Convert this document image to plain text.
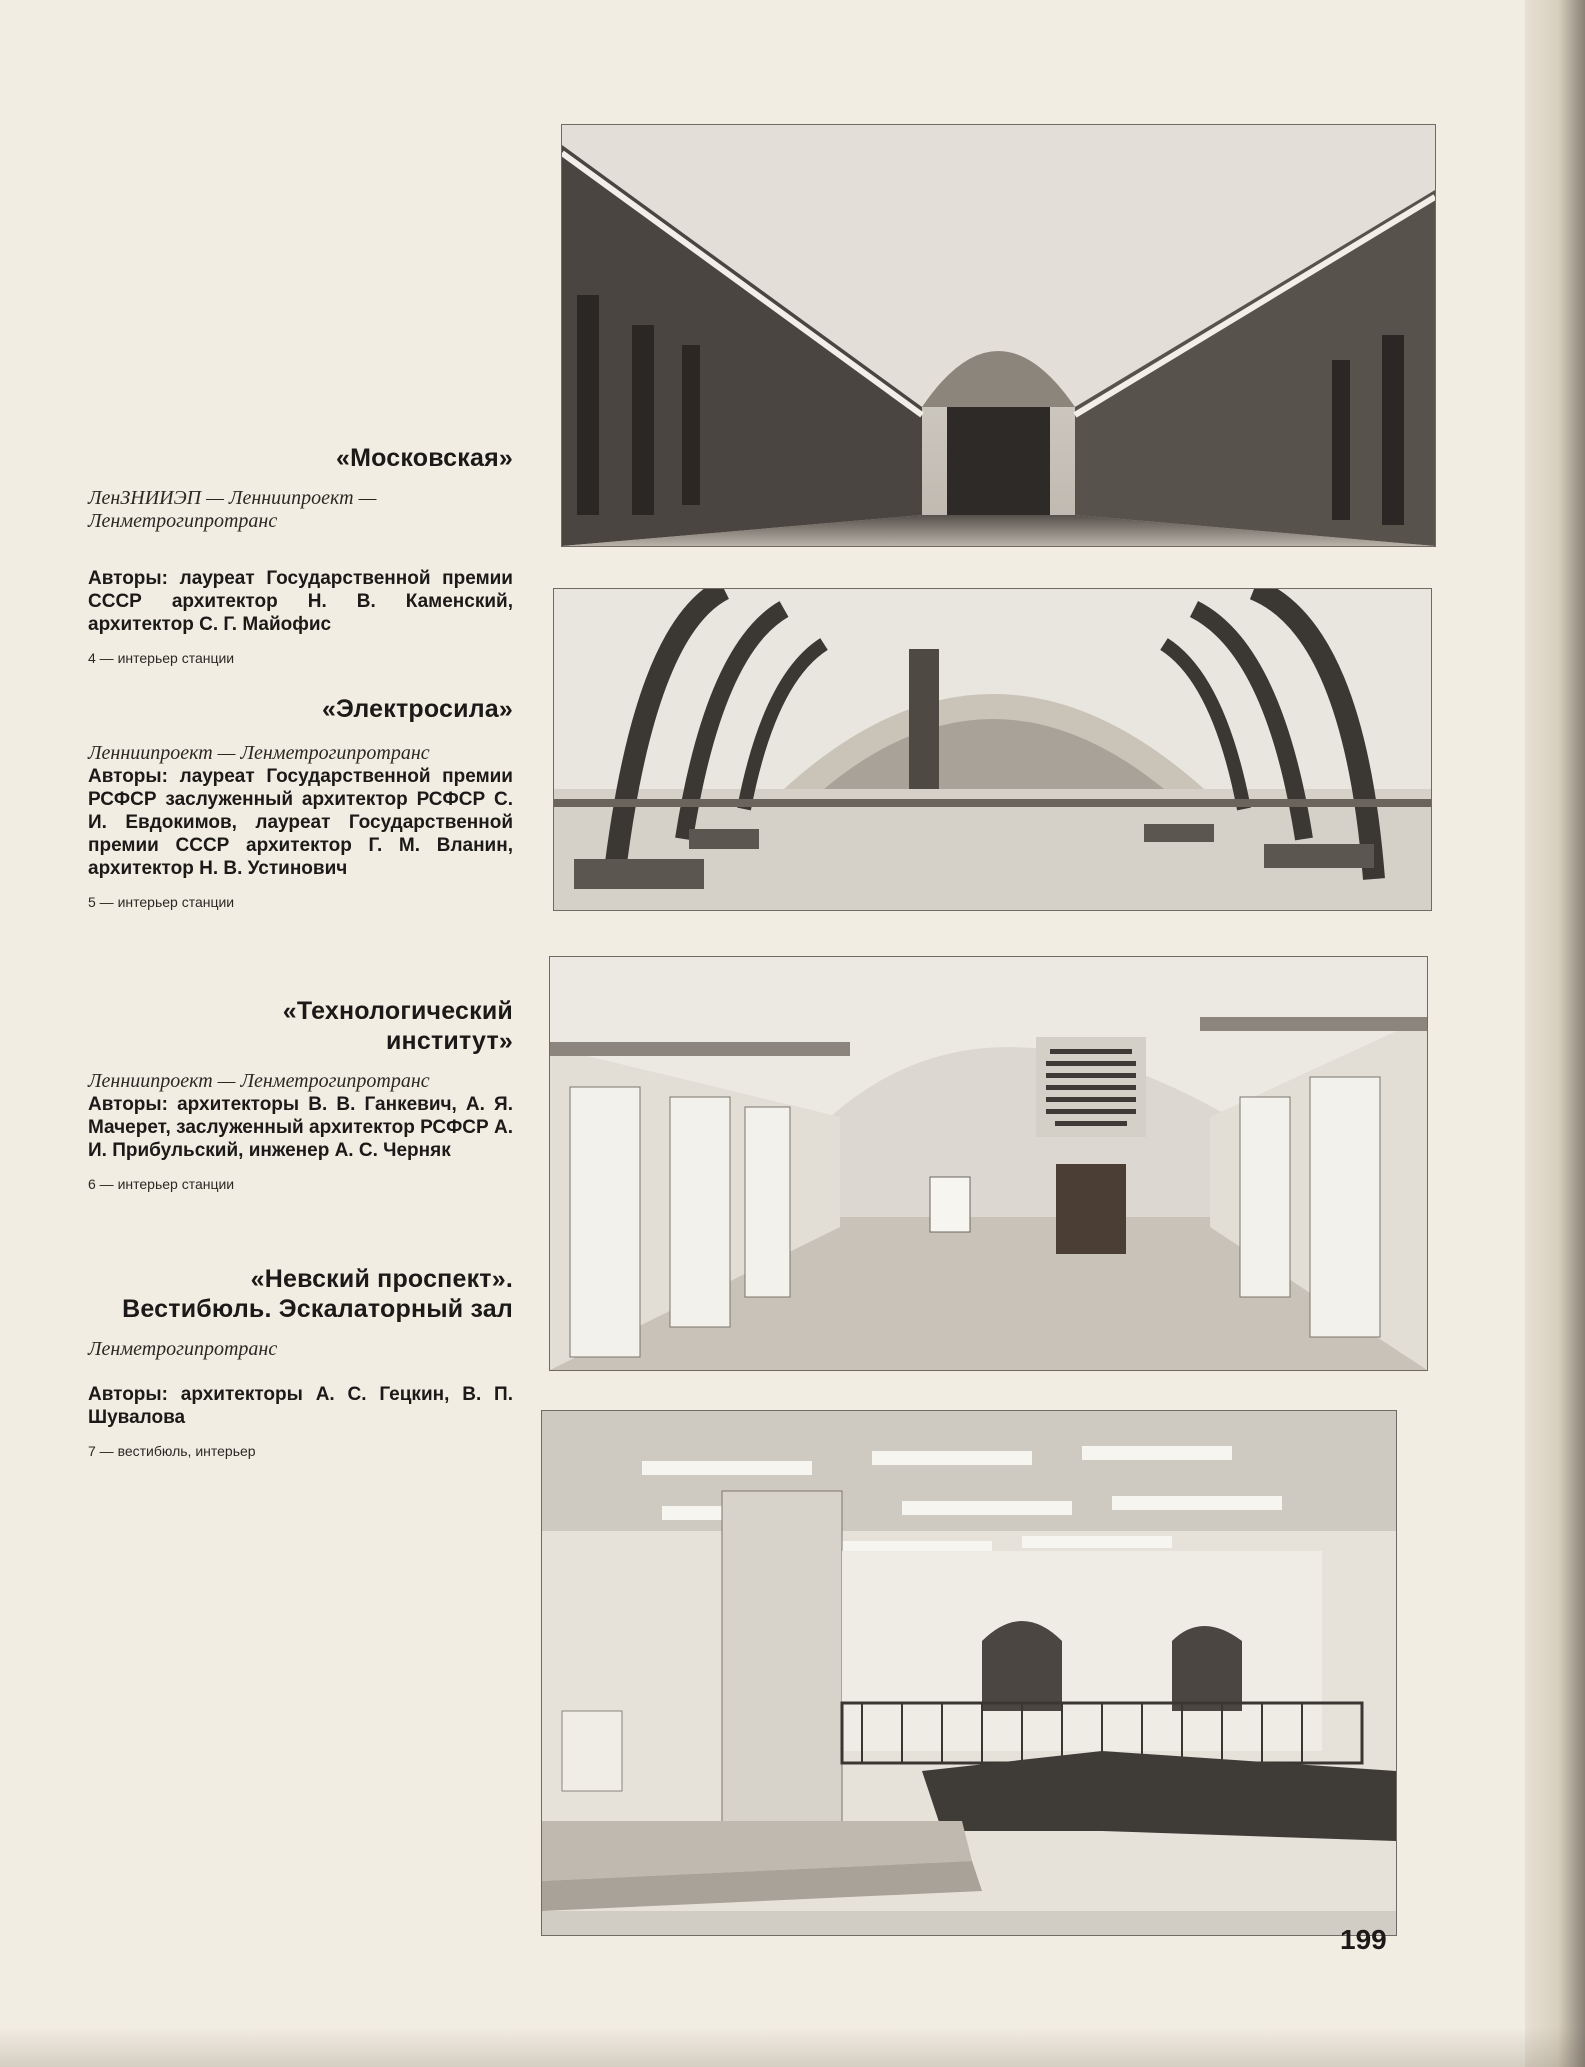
«Московская»

ЛенЗНИИЭП — Ленниипроект — Ленметрогипротранс

Авторы: лауреат Государственной премии СССР архитектор Н. В. Каменский, архитектор С. Г. Майофис

4 — интерьер станции

«Электросила»

Ленниипроект — Ленметрогипротранс

Авторы: лауреат Государственной премии РСФСР заслуженный архитектор РСФСР С. И. Евдокимов, лауреат Государственной премии СССР архитектор Г. М. Вланин, архитектор Н. В. Устинович

5 — интерьер станции

«Технологический

институт»

Ленниипроект — Ленметрогипротранс

Авторы: архитекторы В. В. Ганкевич, А. Я. Мачерет, заслуженный архитектор РСФСР А. И. Прибульский, инженер А. С. Черняк

6 — интерьер станции

«Невский проспект».

Вестибюль. Эскалаторный зал

Ленметрогипротранс

Авторы: архитекторы А. С. Гецкин, В. П. Шувалова

7 — вестибюль, интерьер

199
